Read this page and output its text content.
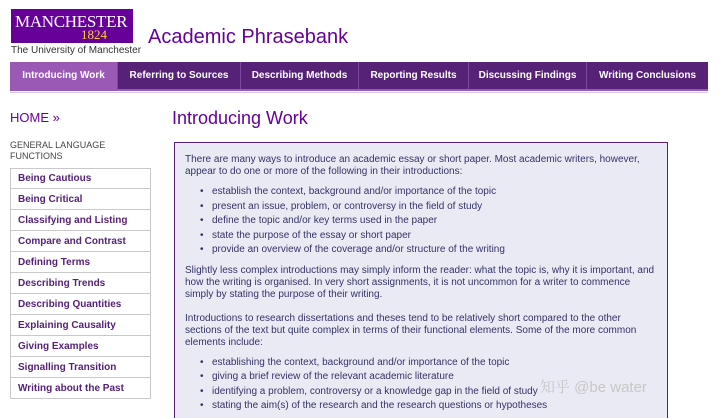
MANCHESTER
1824
The University of Manchester
Academic Phrasebank
Introducing Work	Referring to Sources	Describing Methods	Reporting Results	Discussing Findings	Writing Conclusions
HOME »
GENERAL LANGUAGE FUNCTIONS
Being Cautious
Being Critical
Classifying and Listing
Compare and Contrast
Defining Terms
Describing Trends
Describing Quantities
Explaining Causality
Giving Examples
Signalling Transition
Writing about the Past
Introducing Work

There are many ways to introduce an academic essay or short paper. Most academic writers, however, appear to do one or more of the following in their introductions:

• establish the context, background and/or importance of the topic
• present an issue, problem, or controversy in the field of study
• define the topic and/or key terms used in the paper
• state the purpose of the essay or short paper
• provide an overview of the coverage and/or structure of the writing

Slightly less complex introductions may simply inform the reader: what the topic is, why it is important, and how the writing is organised. In very short assignments, it is not uncommon for a writer to commence simply by stating the purpose of their writing.

Introductions to research dissertations and theses tend to be relatively short compared to the other sections of the text but quite complex in terms of their functional elements. Some of the more common elements include:

• establishing the context, background and/or importance of the topic
• giving a brief review of the relevant academic literature
• identifying a problem, controversy or a knowledge gap in the field of study
• stating the aim(s) of the research and the research questions or hypotheses
知乎 @be water
